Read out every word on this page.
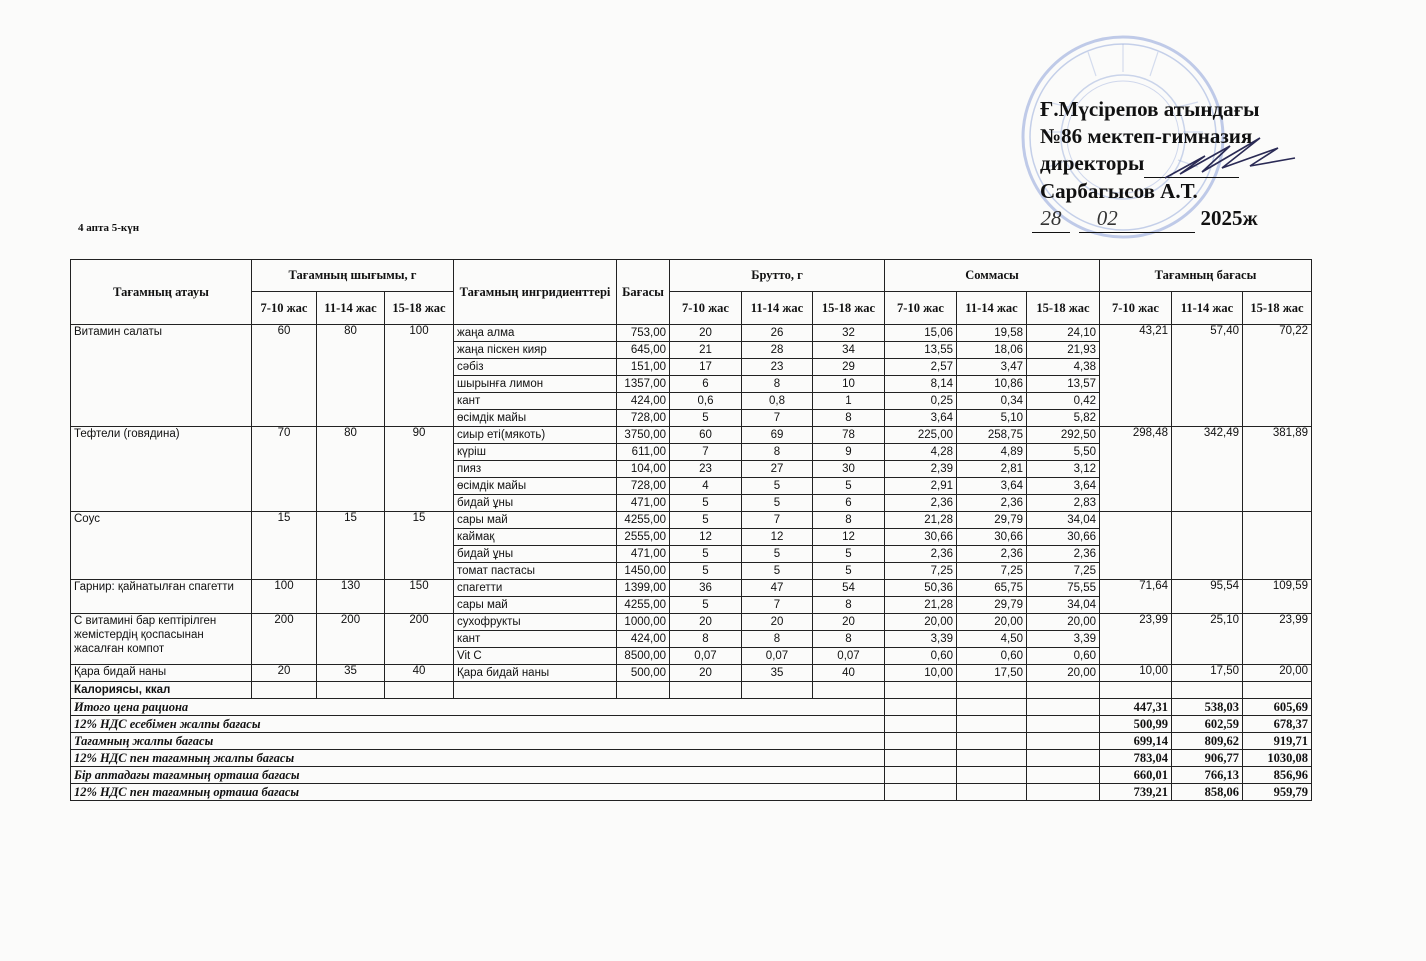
Ғ.Мүсірепов атындағы
№86 мектеп-гимназия
директоры
Сарбагысов А.Т.
28 02	2025ж
4 апта 5-күн
Тағамның атауы	Тағамның шығымы, г			Тағамның ингридиенттері	Бағасы	Брутто, г			Соммасы			Тағамның бағасы		
	7-10 жас	11-14 жас	15-18 жас			7-10 жас	11-14 жас	15-18 жас	7-10 жас	11-14 жас	15-18 жас	7-10 жас	11-14 жас	15-18 жас
Витамин салаты	60	80	100	жаңа алма	753,00	20	26	32	15,06	19,58	24,10	43,21	57,40	70,22
				жаңа піскен кияр	645,00	21	28	34	13,55	18,06	21,93			
				сәбіз	151,00	17	23	29	2,57	3,47	4,38			
				шырынға лимон	1357,00	6	8	10	8,14	10,86	13,57			
				кант	424,00	0,6	0,8	1	0,25	0,34	0,42			
				өсімдік майы	728,00	5	7	8	3,64	5,10	5,82			
Тефтели (говядина)	70	80	90	сиыр еті(мякоть)	3750,00	60	69	78	225,00	258,75	292,50	298,48	342,49	381,89
				күріш	611,00	7	8	9	4,28	4,89	5,50			
				пияз	104,00	23	27	30	2,39	2,81	3,12			
				өсімдік майы	728,00	4	5	5	2,91	3,64	3,64			
				бидай ұны	471,00	5	5	6	2,36	2,36	2,83			
Соус	15	15	15	сары май	4255,00	5	7	8	21,28	29,79	34,04			
				каймақ	2555,00	12	12	12	30,66	30,66	30,66			
				бидай ұны	471,00	5	5	5	2,36	2,36	2,36			
				томат пастасы	1450,00	5	5	5	7,25	7,25	7,25			
Гарнир: қайнатылған спагетти	100	130	150	спагетти	1399,00	36	47	54	50,36	65,75	75,55	71,64	95,54	109,59
				сары май	4255,00	5	7	8	21,28	29,79	34,04			
С витамині бар кептірілген жемістердің қоспасынан жасалған компот	200	200	200	сухофрукты	1000,00	20	20	20	20,00	20,00	20,00	23,99	25,10	23,99
				кант	424,00	8	8	8	3,39	4,50	3,39			
				Vit C	8500,00	0,07	0,07	0,07	0,60	0,60	0,60			
Қара бидай наны	20	35	40	Қара бидай наны	500,00	20	35	40	10,00	17,50	20,00	10,00	17,50	20,00
Калориясы, ккал														
Итого цена рациона												447,31	538,03	605,69
12% НДС есебімен жалпы бағасы												500,99	602,59	678,37
Тағамның жалпы бағасы												699,14	809,62	919,71
12% НДС пен тағамның жалпы бағасы												783,04	906,77	1030,08
Бір аптадағы тағамның орташа бағасы												660,01	766,13	856,96
12% НДС пен тағамның орташа бағасы												739,21	858,06	959,79
